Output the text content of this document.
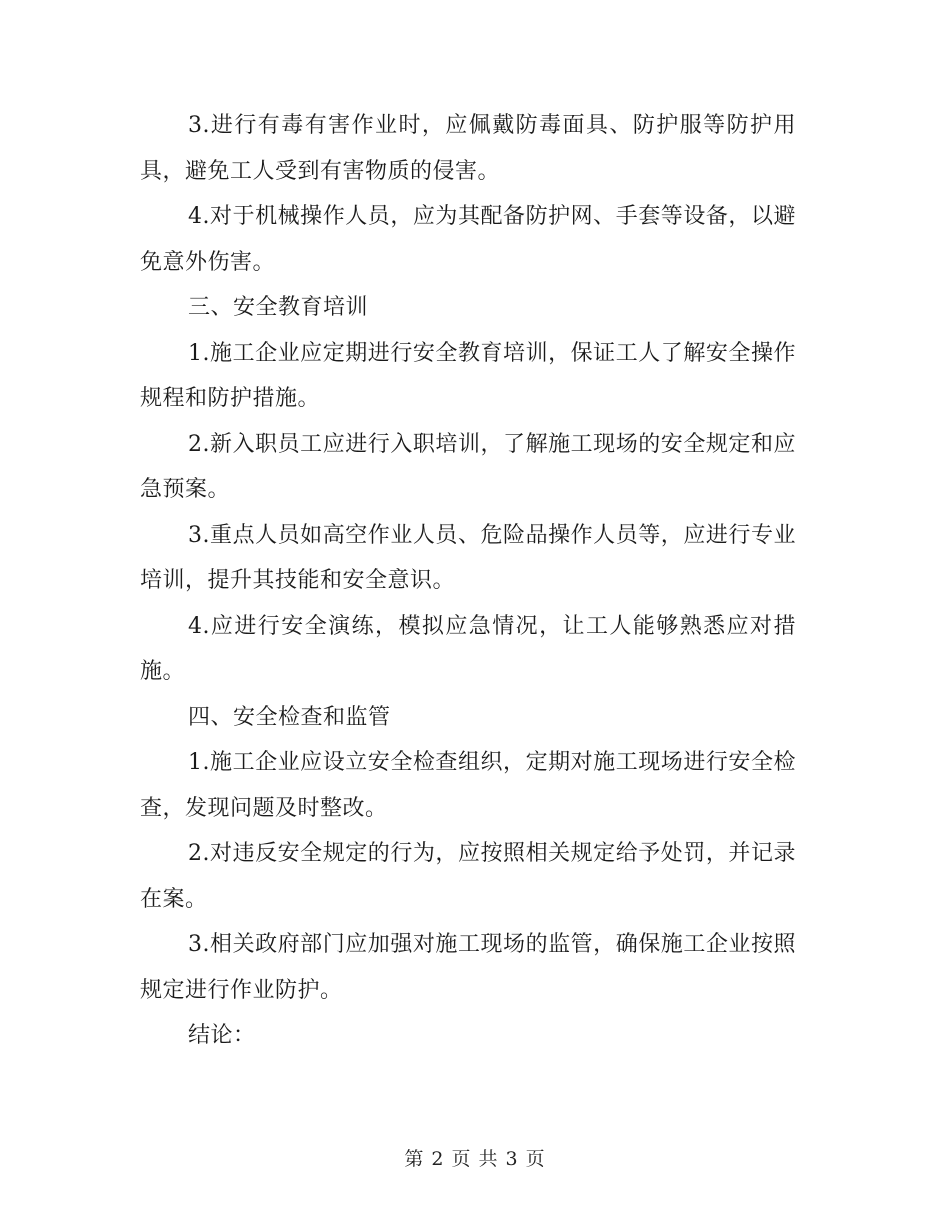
3.进行有毒有害作业时，应佩戴防毒面具、防护服等防护用具，避免工人受到有害物质的侵害。

4.对于机械操作人员，应为其配备防护网、手套等设备，以避免意外伤害。

三、安全教育培训

1.施工企业应定期进行安全教育培训，保证工人了解安全操作规程和防护措施。

2.新入职员工应进行入职培训，了解施工现场的安全规定和应急预案。

3.重点人员如高空作业人员、危险品操作人员等，应进行专业培训，提升其技能和安全意识。

4.应进行安全演练，模拟应急情况，让工人能够熟悉应对措施。

四、安全检查和监管

1.施工企业应设立安全检查组织，定期对施工现场进行安全检查，发现问题及时整改。

2.对违反安全规定的行为，应按照相关规定给予处罚，并记录在案。

3.相关政府部门应加强对施工现场的监管，确保施工企业按照规定进行作业防护。

结论：

第 2 页 共 3 页
